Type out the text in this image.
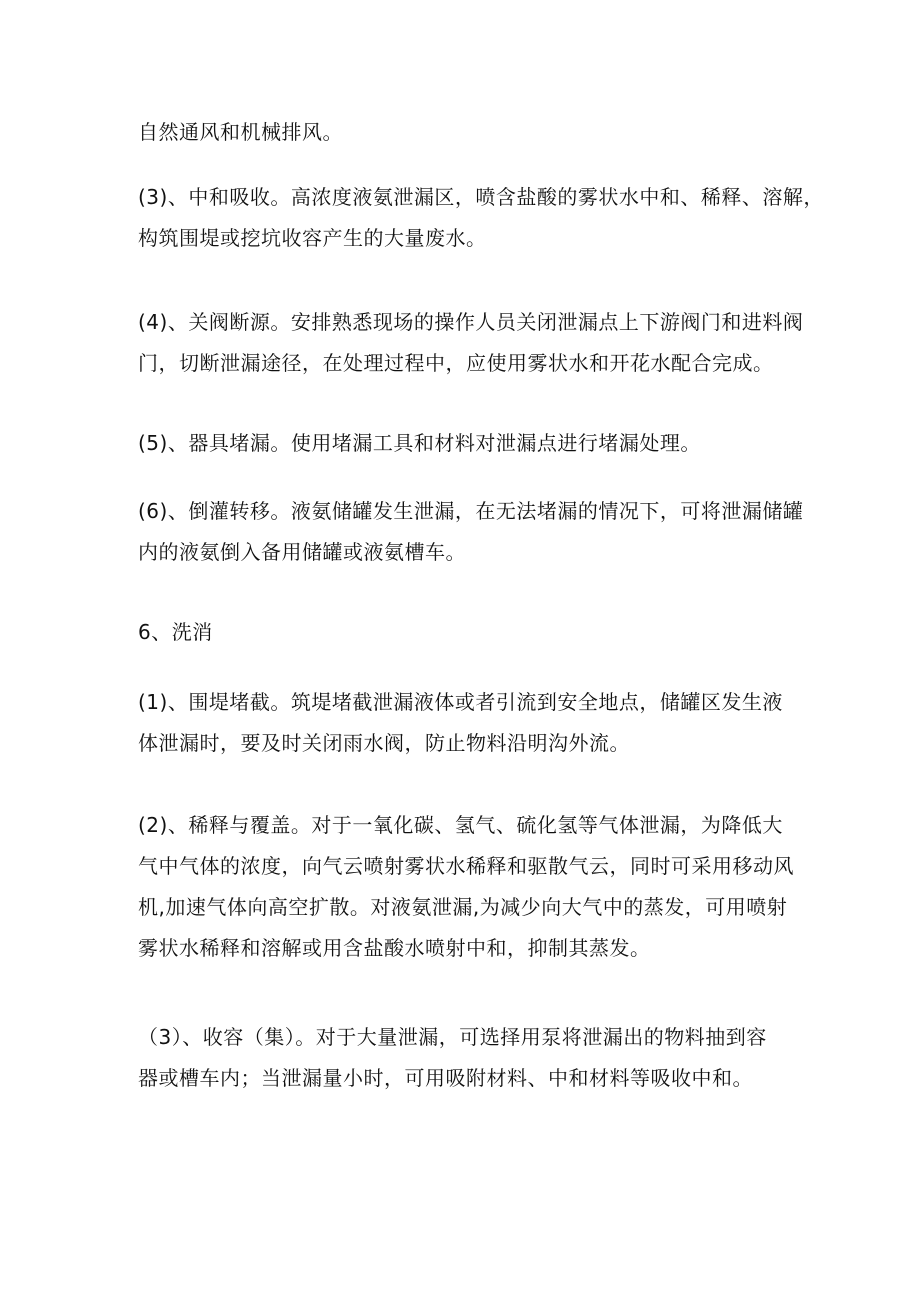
自然通风和机械排风。
(3)、中和吸收。高浓度液氨泄漏区，喷含盐酸的雾状水中和、稀释、溶解，
构筑围堤或挖坑收容产生的大量废水。
(4)、关阀断源。安排熟悉现场的操作人员关闭泄漏点上下游阀门和进料阀
门，切断泄漏途径，在处理过程中，应使用雾状水和开花水配合完成。
(5)、器具堵漏。使用堵漏工具和材料对泄漏点进行堵漏处理。
(6)、倒灌转移。液氨储罐发生泄漏，在无法堵漏的情况下，可将泄漏储罐
内的液氨倒入备用储罐或液氨槽车。
6、洗消
(1)、围堤堵截。筑堤堵截泄漏液体或者引流到安全地点，储罐区发生液
体泄漏时，要及时关闭雨水阀，防止物料沿明沟外流。
(2)、稀释与覆盖。对于一氧化碳、氢气、硫化氢等气体泄漏，为降低大
气中气体的浓度，向气云喷射雾状水稀释和驱散气云，同时可采用移动风
机,加速气体向高空扩散。对液氨泄漏,为减少向大气中的蒸发，可用喷射
雾状水稀释和溶解或用含盐酸水喷射中和，抑制其蒸发。
（3）、收容（集）。对于大量泄漏，可选择用泵将泄漏出的物料抽到容
器或槽车内；当泄漏量小时，可用吸附材料、中和材料等吸收中和。
